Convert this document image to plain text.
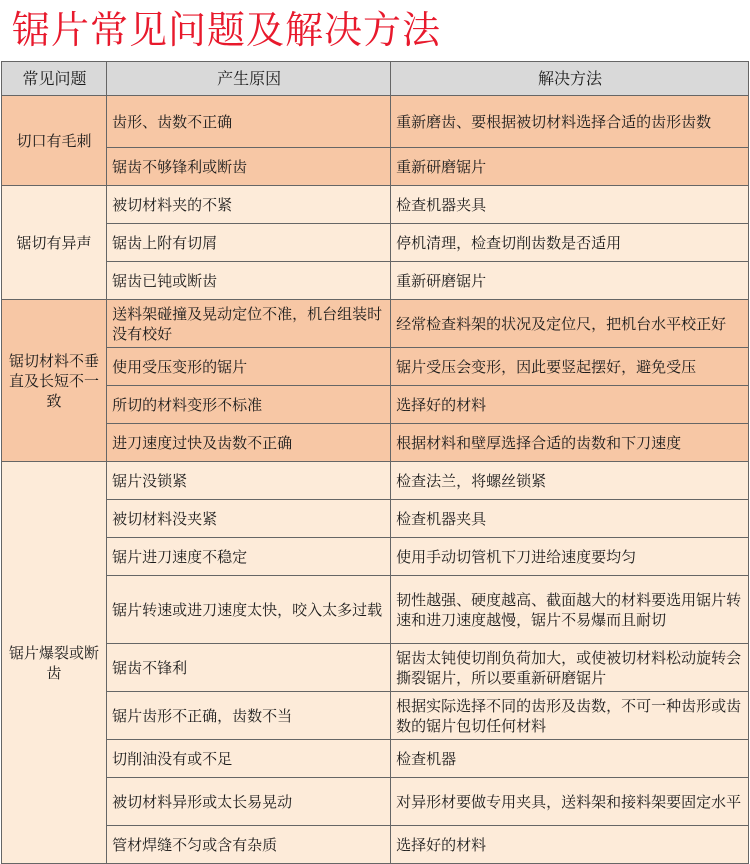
锯片常见问题及解决方法
常见问题	产生原因	解决方法
切口有毛刺	齿形、齿数不正确	重新磨齿、要根据被切材料选择合适的齿形齿数
	锯齿不够锋利或断齿	重新研磨锯片
锯切有异声	被切材料夹的不紧	检查机器夹具
	锯齿上附有切屑	停机清理，检查切削齿数是否适用
	锯齿已钝或断齿	重新研磨锯片
锯切材料不垂直及长短不一致	送料架碰撞及晃动定位不准，机台组装时没有校好	经常检查料架的状况及定位尺，把机台水平校正好
	使用受压变形的锯片	锯片受压会变形，因此要竖起摆好，避免受压
	所切的材料变形不标准	选择好的材料
	进刀速度过快及齿数不正确	根据材料和壁厚选择合适的齿数和下刀速度
锯片爆裂或断齿	锯片没锁紧	检查法兰，将螺丝锁紧
	被切材料没夹紧	检查机器夹具
	锯片进刀速度不稳定	使用手动切管机下刀进给速度要均匀
	锯片转速或进刀速度太快，咬入太多过载	韧性越强、硬度越高、截面越大的材料要选用锯片转速和进刀速度越慢，锯片不易爆而且耐切
	锯齿不锋利	锯齿太钝使切削负荷加大，或使被切材料松动旋转会撕裂锯片，所以要重新研磨锯片
	锯片齿形不正确，齿数不当	根据实际选择不同的齿形及齿数，不可一种齿形或齿数的锯片包切任何材料
	切削油没有或不足	检查机器
	被切材料异形或太长易晃动	对异形材要做专用夹具，送料架和接料架要固定水平
	管材焊缝不匀或含有杂质	选择好的材料
